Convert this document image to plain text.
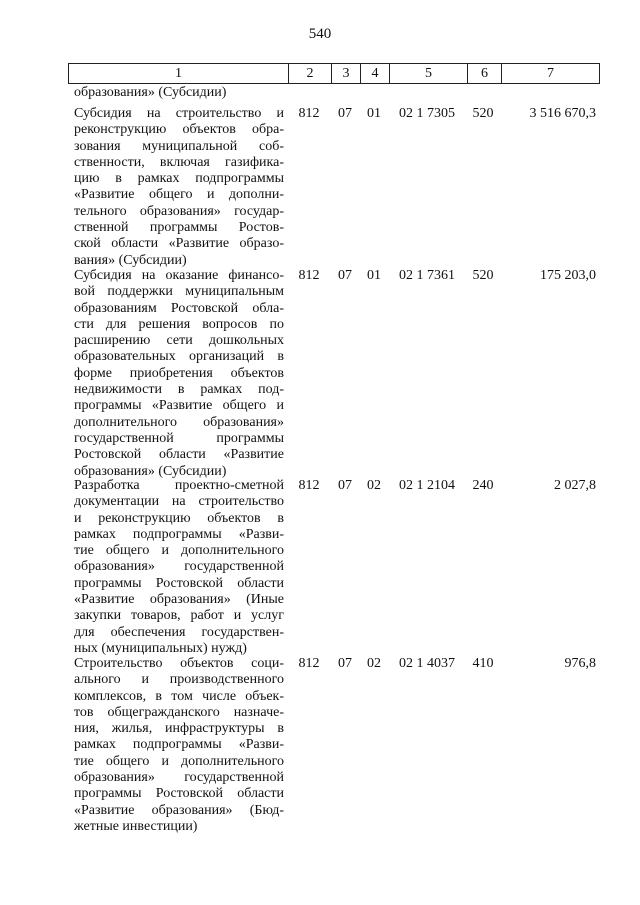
540
1	2	3	4	5	6	7
образования» (Субсидии)
Субсидия на строительство и
реконструкцию объектов обра-
зования муниципальной соб-
ственности, включая газифика-
цию в рамках подпрограммы
«Развитие общего и дополни-
тельного образования» государ-
ственной программы Ростов-
ской области «Развитие образо-
вания» (Субсидии)
812	07	01	02 1 7305	520	3 516 670,3
Субсидия на оказание финансо-
вой поддержки муниципальным
образованиям Ростовской обла-
сти для решения вопросов по
расширению сети дошкольных
образовательных организаций в
форме приобретения объектов
недвижимости в рамках под-
программы «Развитие общего и
дополнительного образования»
государственной программы
Ростовской области «Развитие
образования» (Субсидии)
812	07	01	02 1 7361	520	175 203,0
Разработка проектно-сметной
документации на строительство
и реконструкцию объектов в
рамках подпрограммы «Разви-
тие общего и дополнительного
образования» государственной
программы Ростовской области
«Развитие образования» (Иные
закупки товаров, работ и услуг
для обеспечения государствен-
ных (муниципальных) нужд)
812	07	02	02 1 2104	240	2 027,8
Строительство объектов соци-
ального и производственного
комплексов, в том числе объек-
тов общегражданского назначе-
ния, жилья, инфраструктуры в
рамках подпрограммы «Разви-
тие общего и дополнительного
образования» государственной
программы Ростовской области
«Развитие образования» (Бюд-
жетные инвестиции)
812	07	02	02 1 4037	410	976,8
